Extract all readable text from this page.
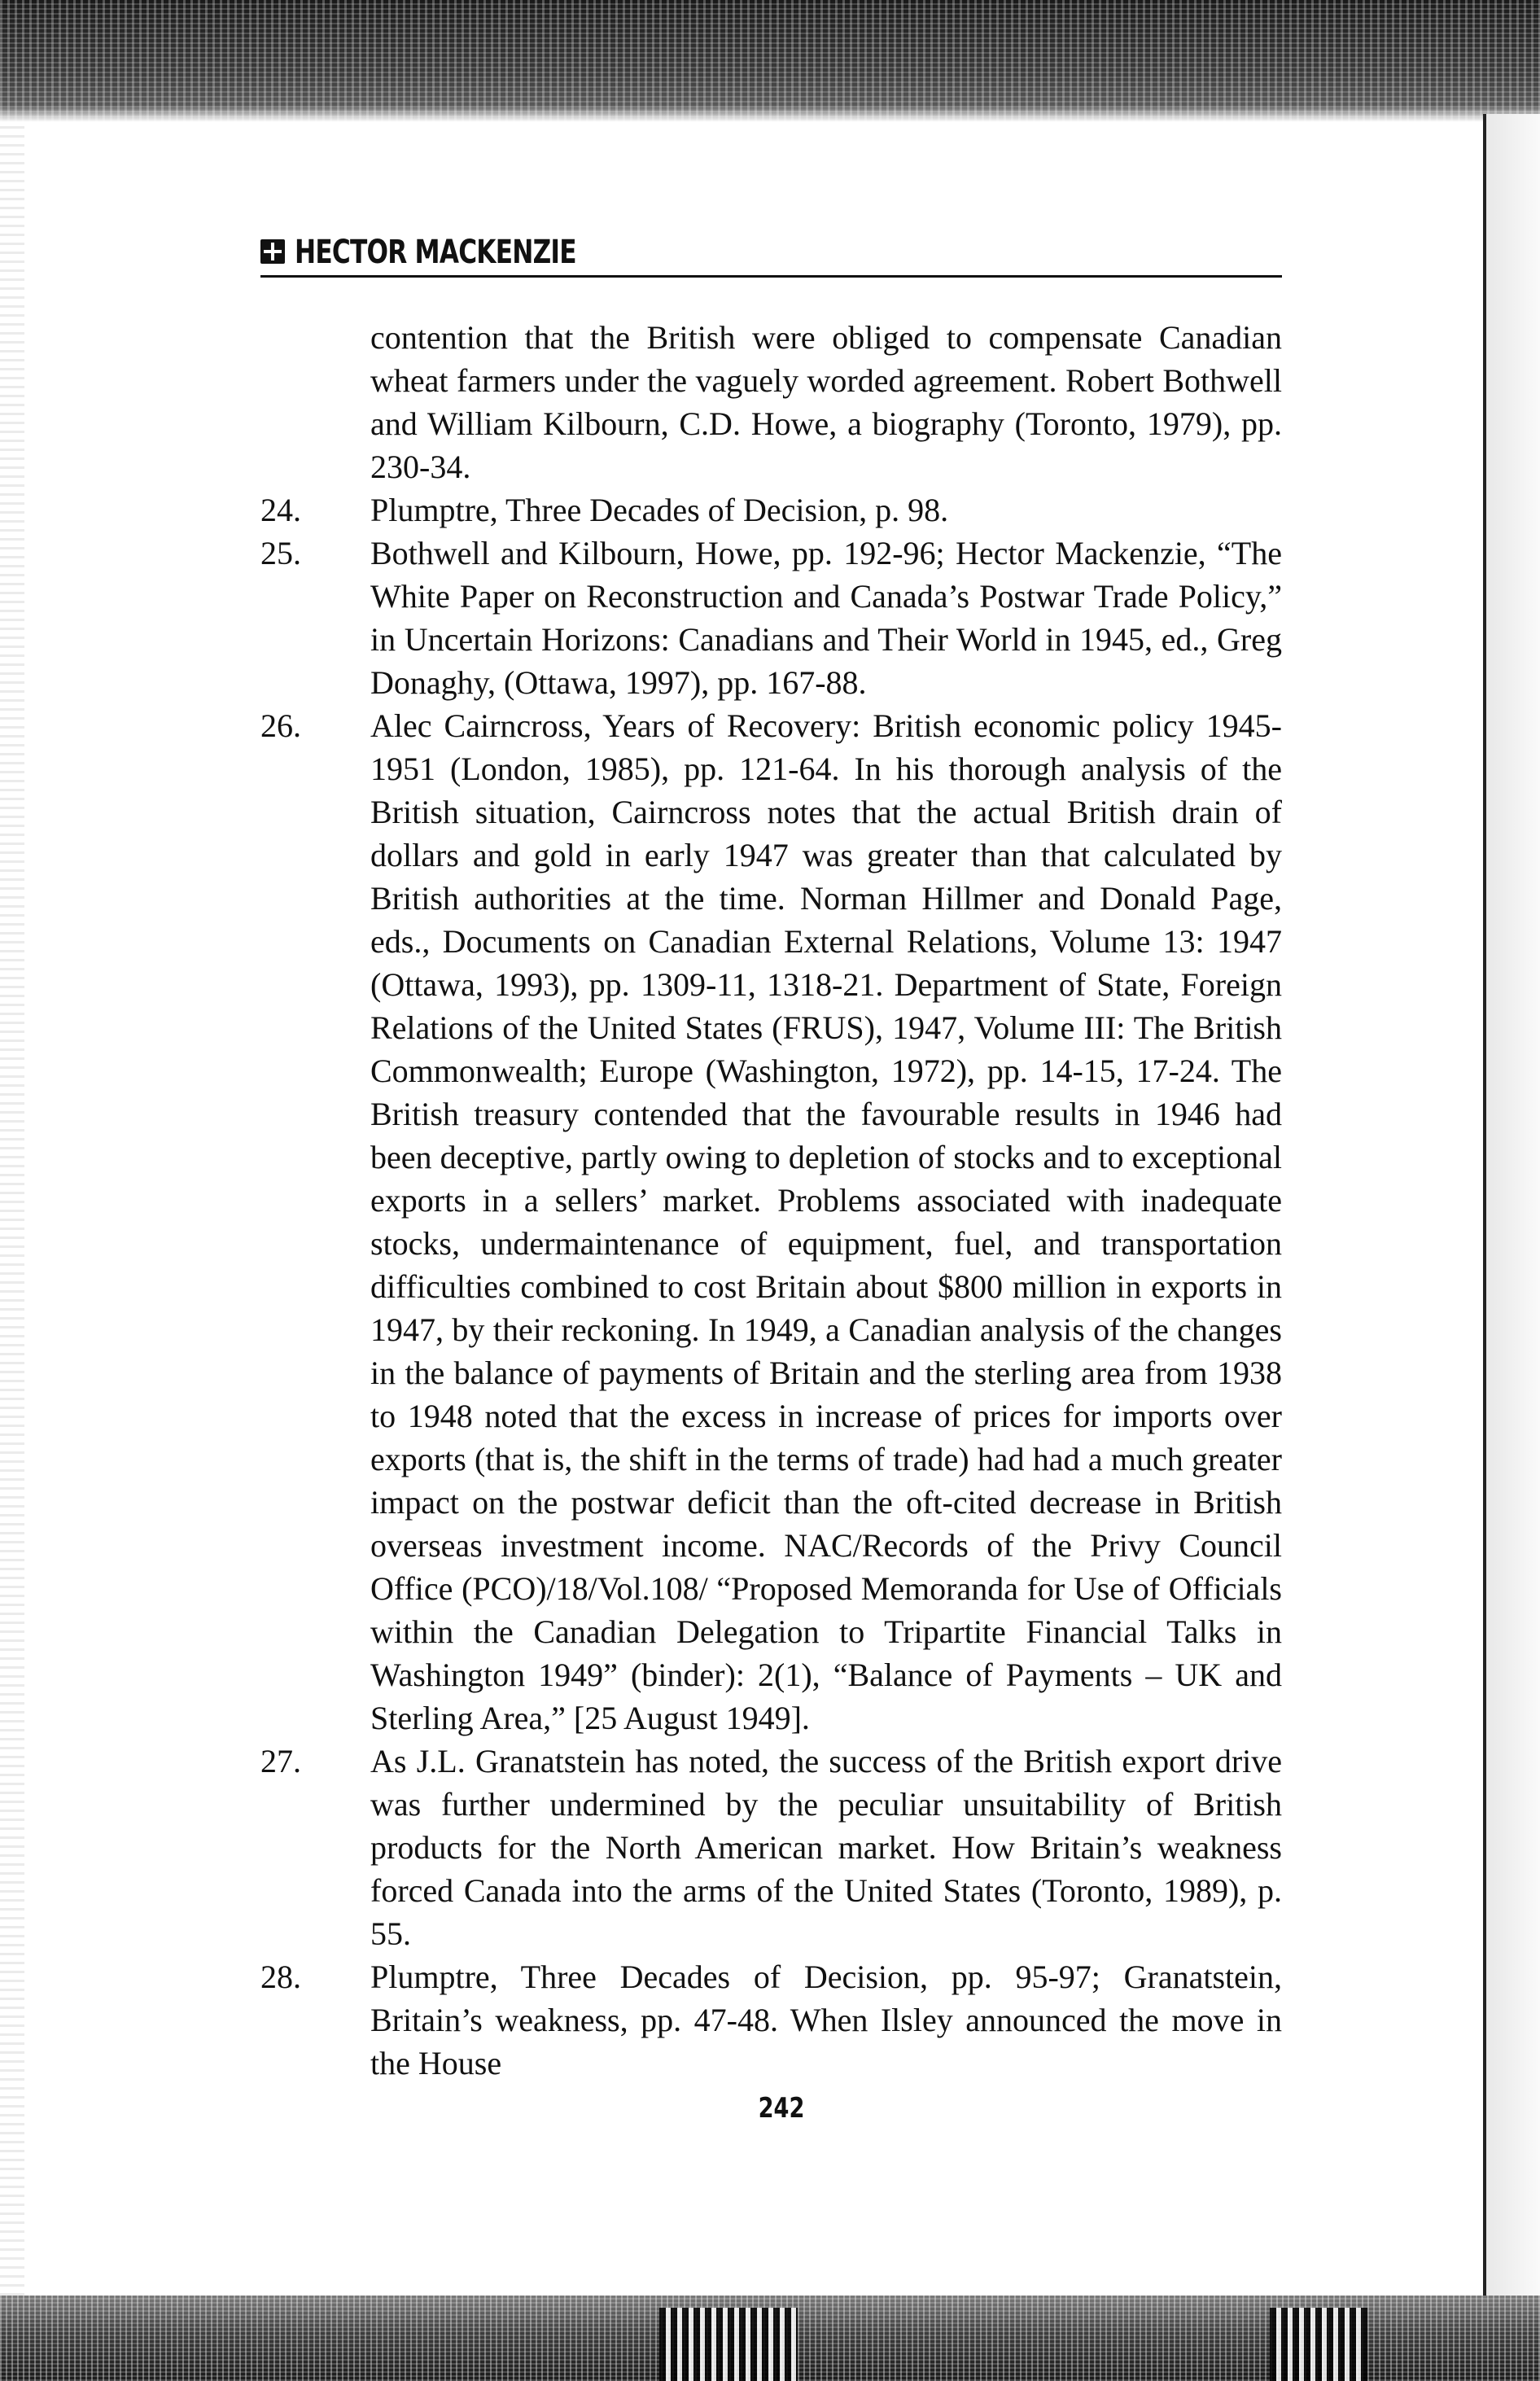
HECTOR MACKENZIE
contention that the British were obliged to compensate Canadian wheat farmers under the vaguely worded agreement. Robert Bothwell and William Kilbourn, C.D. Howe, a biography (Toronto, 1979), pp. 230-34.
24. Plumptre, Three Decades of Decision, p. 98.
25. Bothwell and Kilbourn, Howe, pp. 192-96; Hector Mackenzie, “The White Paper on Reconstruction and Canada’s Postwar Trade Policy,” in Uncertain Horizons: Canadians and Their World in 1945, ed., Greg Donaghy, (Ottawa, 1997), pp. 167-88.
26. Alec Cairncross, Years of Recovery: British economic policy 1945-1951 (London, 1985), pp. 121-64. In his thorough analysis of the British situation, Cairncross notes that the actual British drain of dollars and gold in early 1947 was greater than that calculated by British authorities at the time. Norman Hillmer and Donald Page, eds., Documents on Canadian External Relations, Volume 13: 1947 (Ottawa, 1993), pp. 1309-11, 1318-21. Department of State, Foreign Relations of the United States (FRUS), 1947, Volume III: The British Commonwealth; Europe (Washington, 1972), pp. 14-15, 17-24. The British treasury contended that the favourable results in 1946 had been deceptive, partly owing to depletion of stocks and to exceptional exports in a sellers’ market. Problems associated with inadequate stocks, undermaintenance of equipment, fuel, and transportation difficulties combined to cost Britain about $800 million in exports in 1947, by their reckoning. In 1949, a Canadian analysis of the changes in the balance of payments of Britain and the sterling area from 1938 to 1948 noted that the excess in increase of prices for imports over exports (that is, the shift in the terms of trade) had had a much greater impact on the postwar deficit than the oft-cited decrease in British overseas investment income. NAC/Records of the Privy Council Office (PCO)/18/Vol.108/ “Proposed Memoranda for Use of Officials within the Canadian Delegation to Tripartite Financial Talks in Washington 1949” (binder): 2(1), “Balance of Payments – UK and Sterling Area,” [25 August 1949].
27. As J.L. Granatstein has noted, the success of the British export drive was further undermined by the peculiar unsuitability of British products for the North American market. How Britain’s weakness forced Canada into the arms of the United States (Toronto, 1989), p. 55.
28. Plumptre, Three Decades of Decision, pp. 95-97; Granatstein, Britain’s weakness, pp. 47-48. When Ilsley announced the move in the House
242
